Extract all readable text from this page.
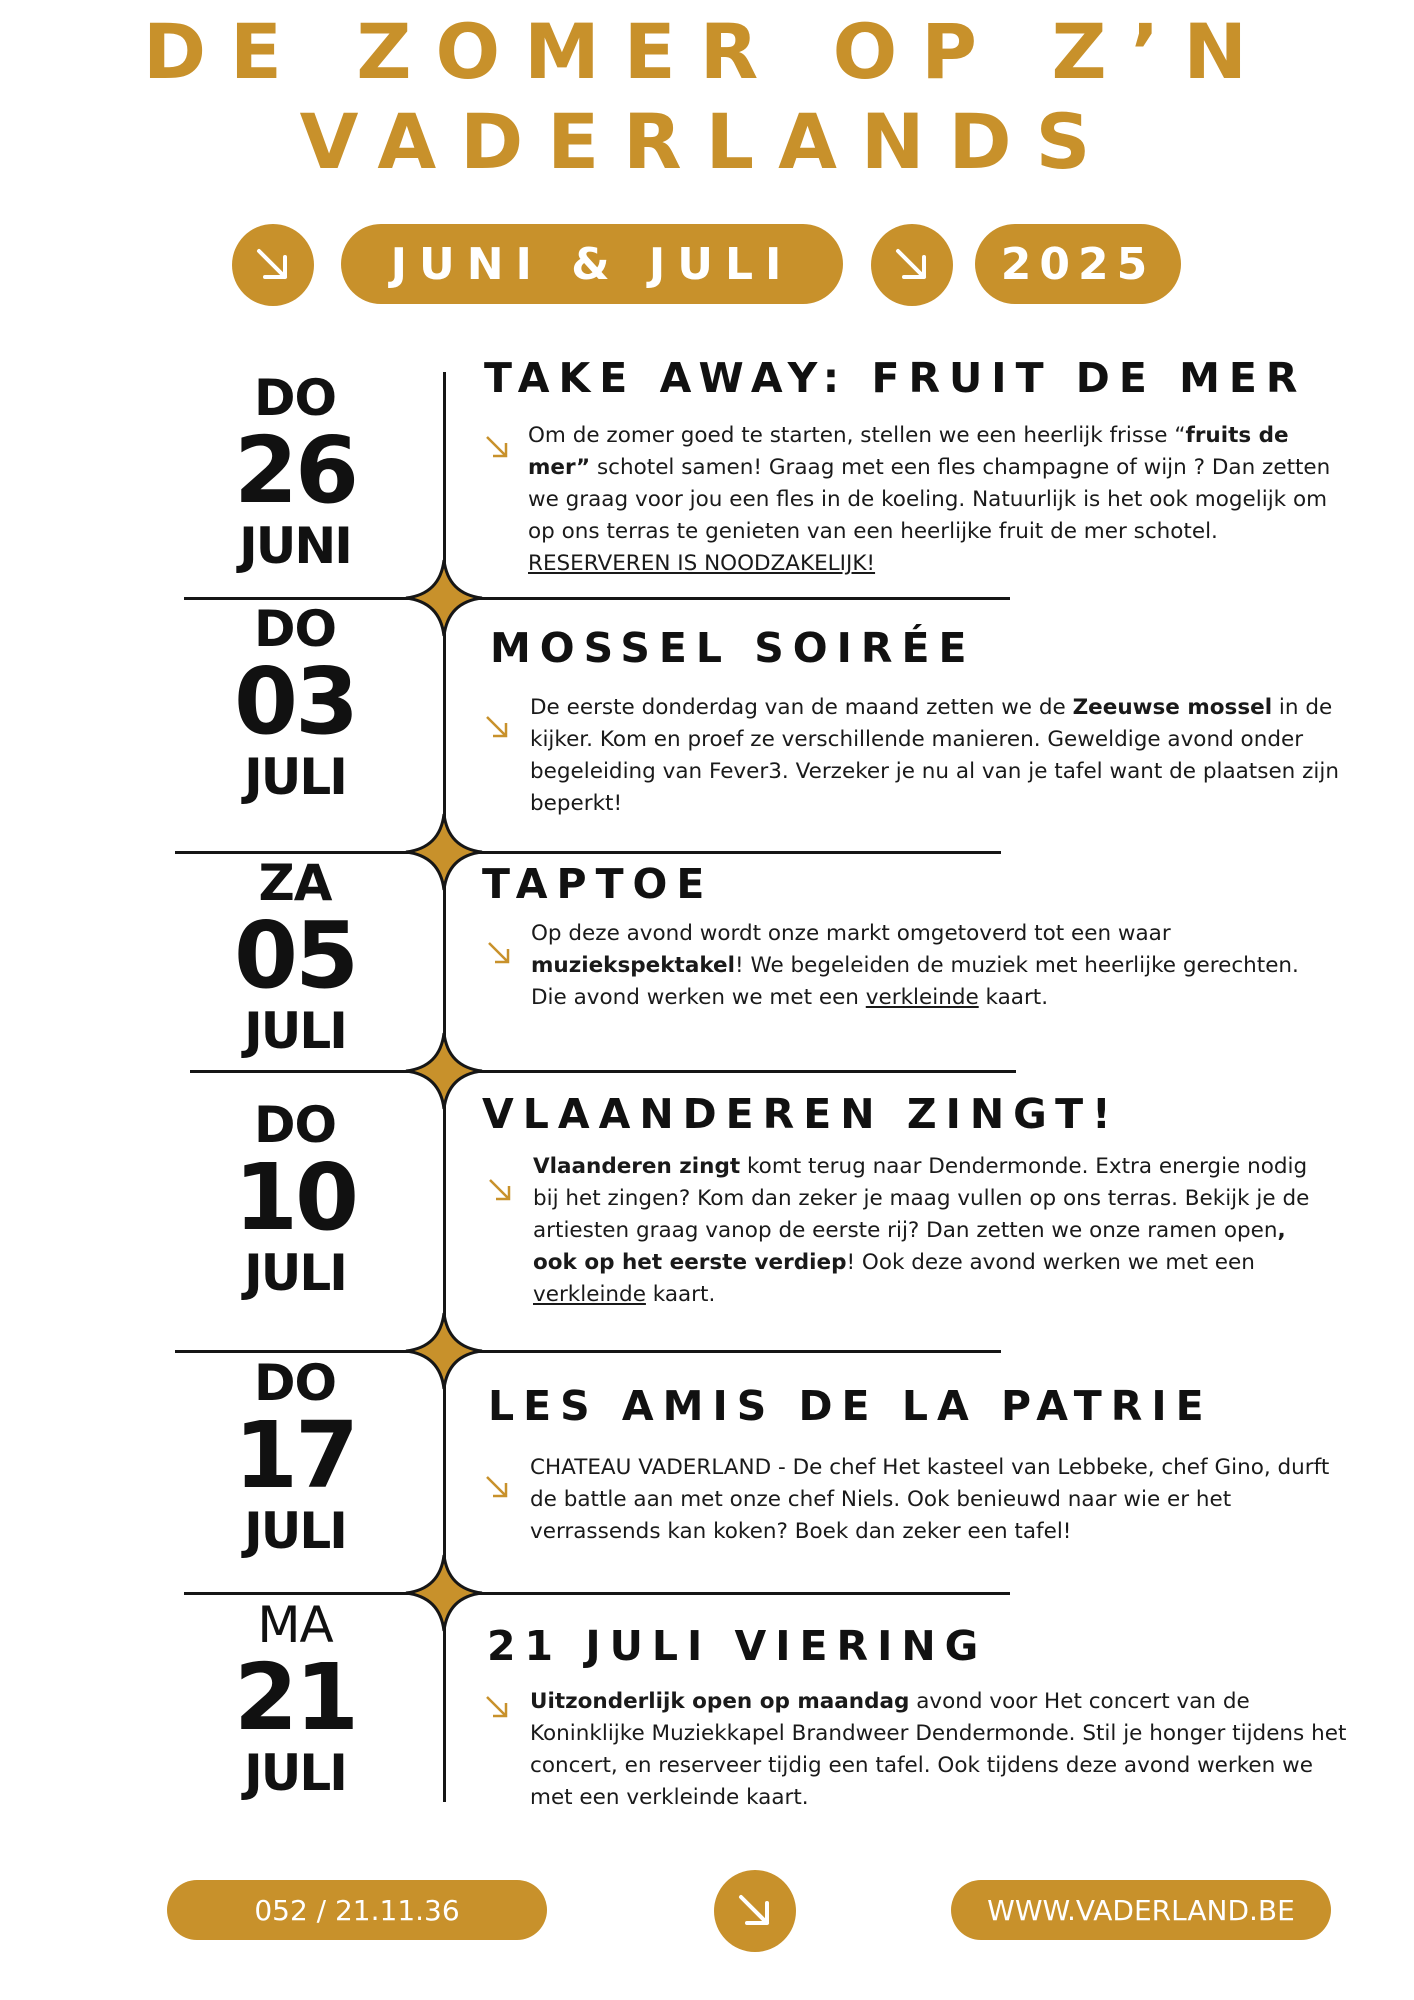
DE ZOMER OP Z’N
VADERLANDS
JUNI & JULI	2025
DO
26
JUNI
TAKE AWAY: FRUIT DE MER
Om de zomer goed te starten, stellen we een heerlijk frisse “fruits de mer” schotel samen! Graag met een fles champagne of wijn ? Dan zetten we graag voor jou een fles in de koeling. Natuurlijk is het ook mogelijk om op ons terras te genieten van een heerlijke fruit de mer schotel.
RESERVEREN IS NOODZAKELIJK!
DO
03
JULI
MOSSEL SOIRÉE
De eerste donderdag van de maand zetten we de Zeeuwse mossel in de kijker. Kom en proef ze verschillende manieren. Geweldige avond onder begeleiding van Fever3. Verzeker je nu al van je tafel want de plaatsen zijn beperkt!
ZA
05
JULI
TAPTOE
Op deze avond wordt onze markt omgetoverd tot een waar muziekspektakel! We begeleiden de muziek met heerlijke gerechten.
Die avond werken we met een verkleinde kaart.
DO
10
JULI
VLAANDEREN ZINGT!
Vlaanderen zingt komt terug naar Dendermonde. Extra energie nodig bij het zingen? Kom dan zeker je maag vullen op ons terras. Bekijk je de artiesten graag vanop de eerste rij? Dan zetten we onze ramen open, ook op het eerste verdiep! Ook deze avond werken we met een verkleinde kaart.
DO
17
JULI
LES AMIS DE LA PATRIE
CHATEAU VADERLAND - De chef Het kasteel van Lebbeke, chef Gino, durft de battle aan met onze chef Niels. Ook benieuwd naar wie er het verrassends kan koken? Boek dan zeker een tafel!
MA
21
JULI
21 JULI VIERING
Uitzonderlijk open op maandag avond voor Het concert van de Koninklijke Muziekkapel Brandweer Dendermonde. Stil je honger tijdens het concert, en reserveer tijdig een tafel. Ook tijdens deze avond werken we met een verkleinde kaart.
052 / 21.11.36	WWW.VADERLAND.BE
